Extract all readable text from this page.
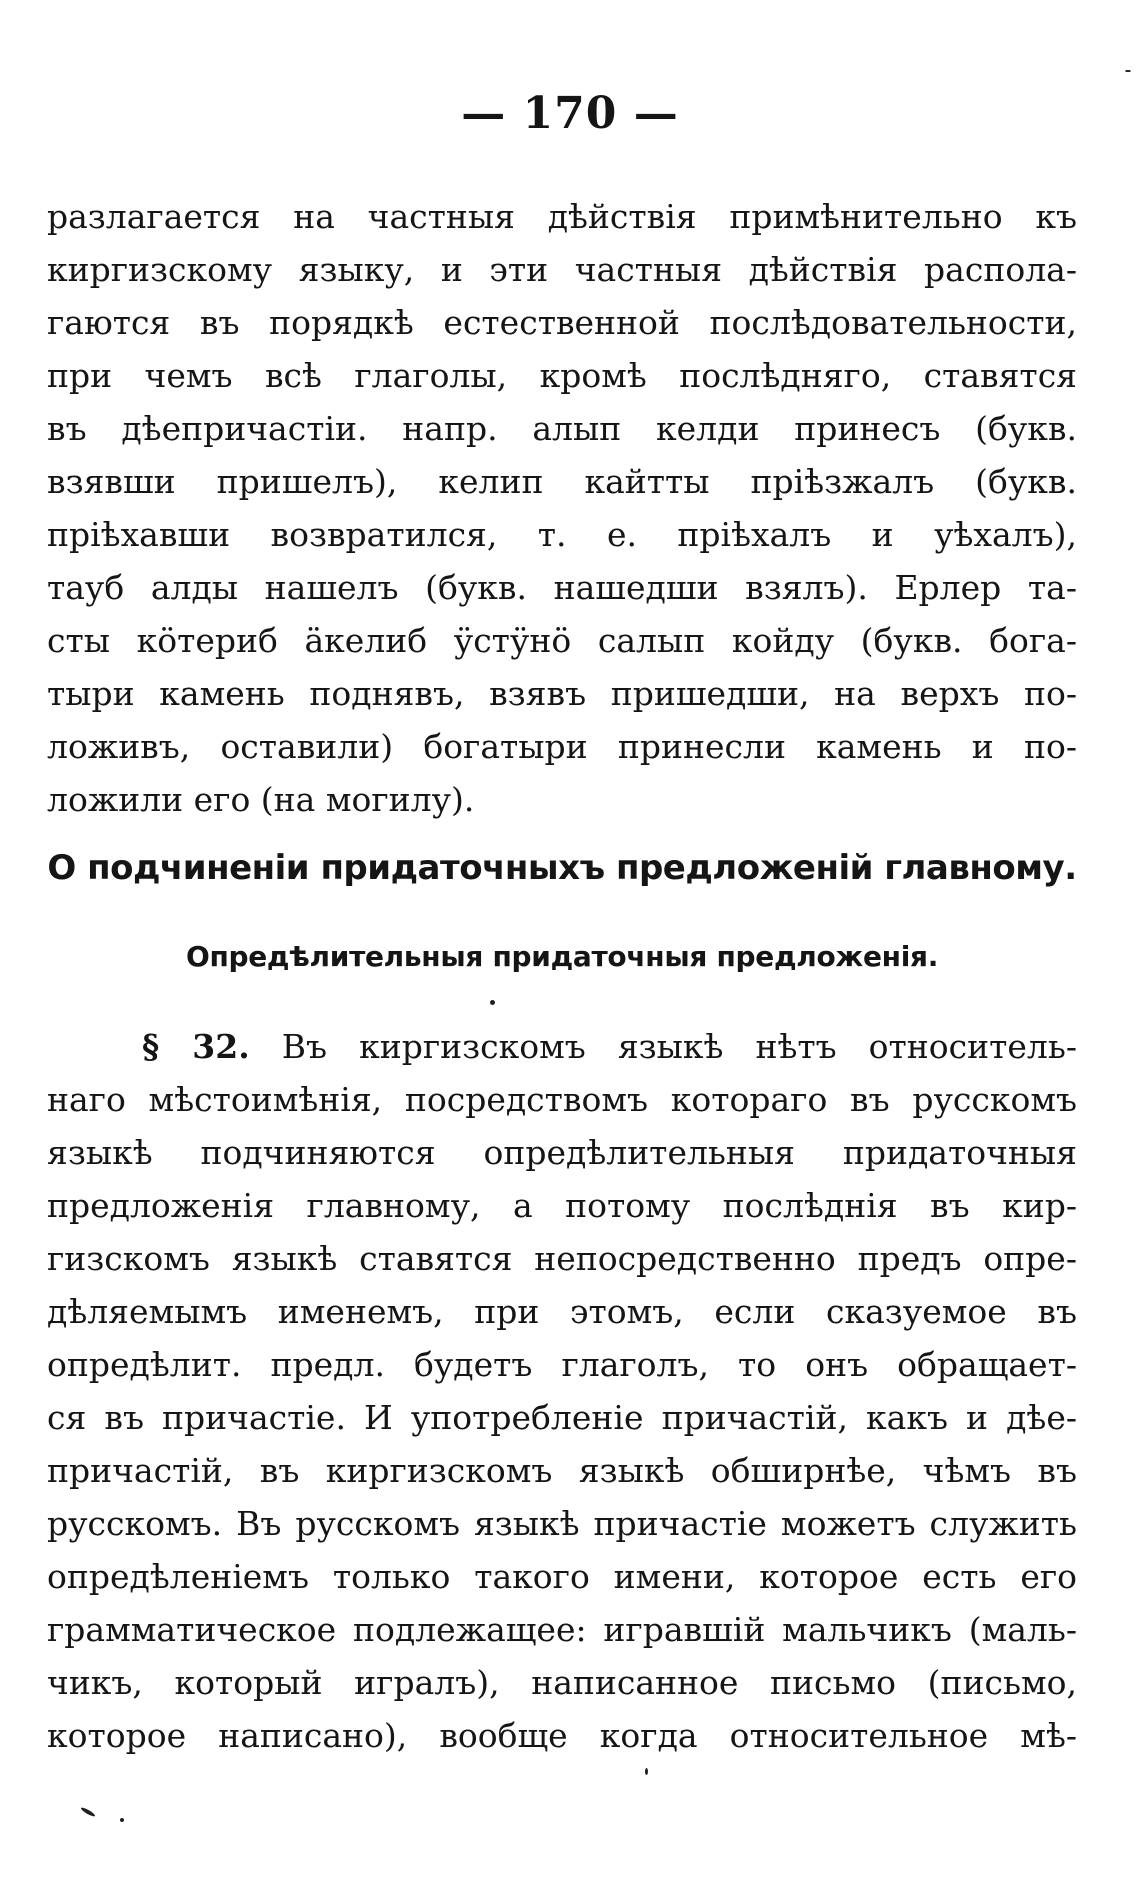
— 170 —
разлагается на частныя дѣйствія примѣнительно къ
киргизскому языку, и эти частныя дѣйствія распола-
гаются въ порядкѣ естественной послѣдовательности,
при чемъ всѣ глаголы, кромѣ послѣдняго, ставятся
въ дѣепричастіи. напр. алып келди принесъ (букв.
взявши пришелъ), келип кайтты пріѣзжалъ (букв.
пріѣхавши возвратился, т. е. пріѣхалъ и уѣхалъ),
тауб алды нашелъ (букв. нашедши взялъ). Ерлер та-
сты кӧтериб äкелиб ӱстӱнӧ салып койду (букв. бога-
тыри камень поднявъ, взявъ пришедши, на верхъ по-
ложивъ, оставили) богатыри принесли камень и по-
ложили его (на могилу).
О подчиненіи придаточныхъ предложеній главному.
Опредѣлительныя придаточныя предложенія.
§ 32. Въ киргизскомъ языкѣ нѣтъ относитель-
наго мѣстоимѣнія, посредствомъ котораго въ русскомъ
языкѣ подчиняются опредѣлительныя придаточныя
предложенія главному, а потому послѣднія въ кир-
гизскомъ языкѣ ставятся непосредственно предъ опре-
дѣляемымъ именемъ, при этомъ, если сказуемое въ
опредѣлит. предл. будетъ глаголъ, то онъ обращает-
ся въ причастіе. И употребленіе причастій, какъ и дѣе-
причастій, въ киргизскомъ языкѣ обширнѣе, чѣмъ въ
русскомъ. Въ русскомъ языкѣ причастіе можетъ служить
опредѣленіемъ только такого имени, которое есть его
грамматическое подлежащее: игравшій мальчикъ (маль-
чикъ, который игралъ), написанное письмо (письмо,
которое написано), вообще когда относительное мѣ-
